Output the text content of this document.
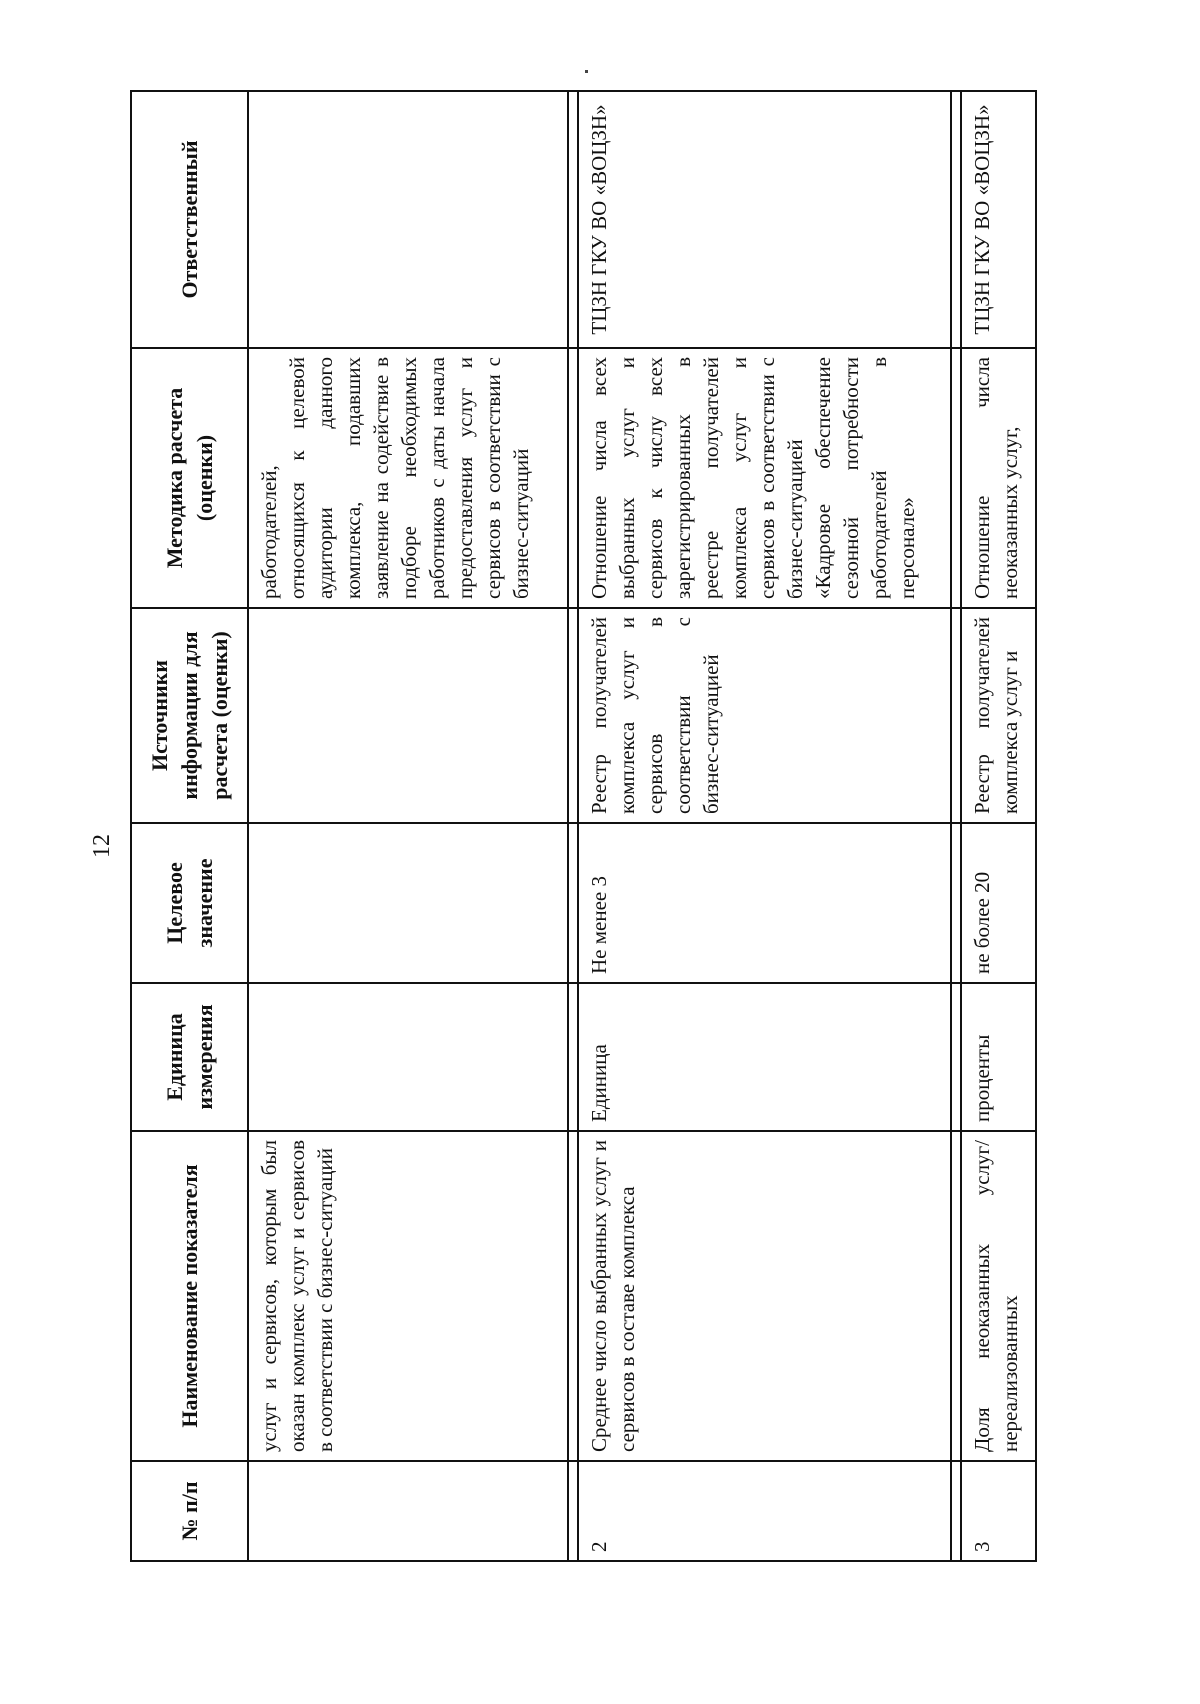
12
№ п/п	Наименование показателя	Единица измерения	Целевое значение	Источники информации для расчета (оценки)	Методика расчета (оценки)	Ответственный
	услуг и сервисов, которым был оказан комплекс услуг и сервисов в соответствии с бизнес-ситуаций				работодателей, относящихся к целевой аудитории данного комплекса, подавших заявление на содействие в подборе необходимых работников с даты начала предоставления услуг и сервисов в соответствии с бизнес-ситуаций	

2	Среднее число выбранных услуг и сервисов в составе комплекса	Единица	Не менее 3	Реестр получателей комплекса услуг и сервисов в соответствии с бизнес-ситуацией	Отношение числа всех выбранных услуг и сервисов к числу всех зарегистрированных в реестре получателей комплекса услуг и сервисов в соответствии с бизнес-ситуацией «Кадровое обеспечение сезонной потребности работодателей в персонале»	ТЦЗН ГКУ ВО «ВОЦЗН»

3	Доля неоказанных услуг/нереализованных	проценты	не более 20	Реестр получателей комплекса услуг и	Отношение числа неоказанных услуг,	ТЦЗН ГКУ ВО «ВОЦЗН»
